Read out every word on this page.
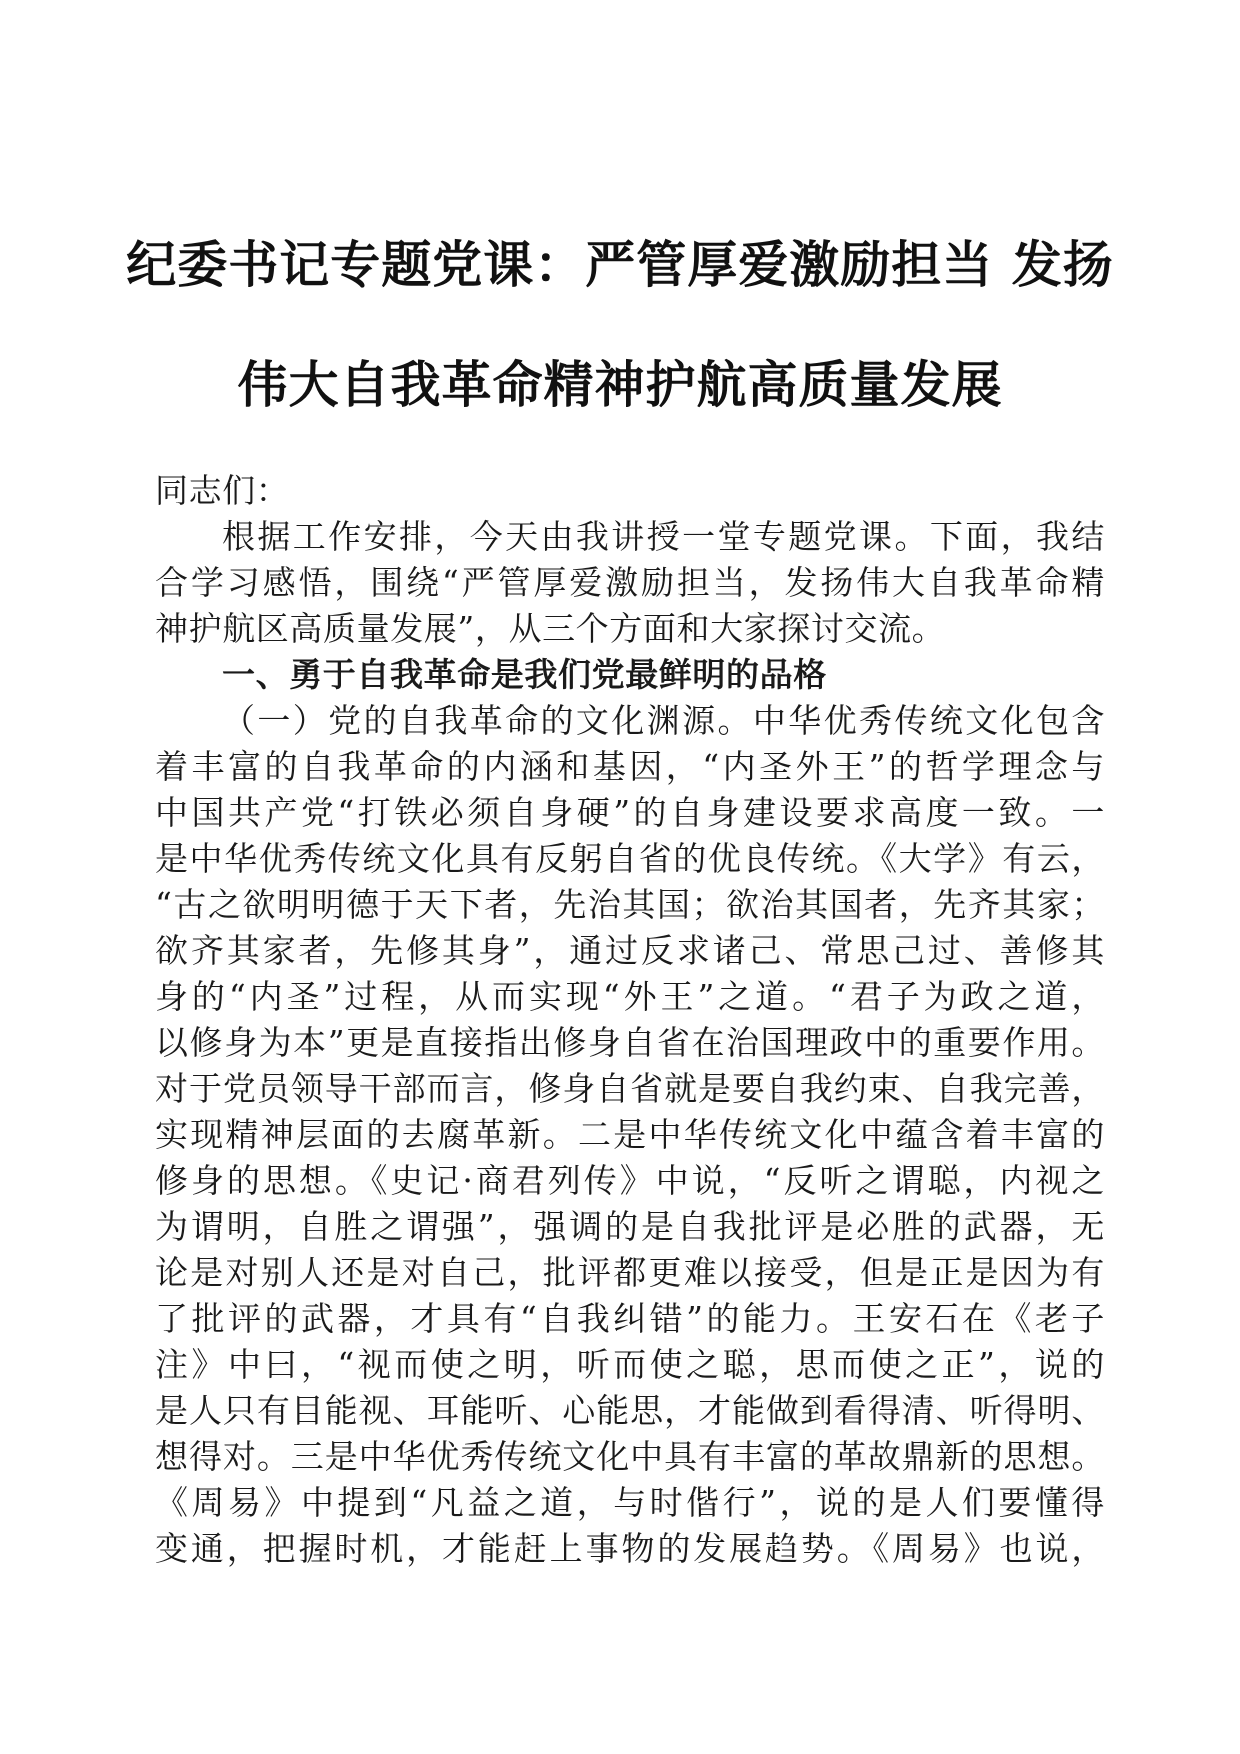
纪委书记专题党课：严管厚爱激励担当 发扬
伟大自我革命精神护航高质量发展
同志们：
根据工作安排，今天由我讲授一堂专题党课。下面，我结
合学习感悟，围绕“严管厚爱激励担当，发扬伟大自我革命精
神护航区高质量发展”，从三个方面和大家探讨交流。
一、勇于自我革命是我们党最鲜明的品格
（一）党的自我革命的文化渊源。中华优秀传统文化包含
着丰富的自我革命的内涵和基因，“内圣外王”的哲学理念与
中国共产党“打铁必须自身硬”的自身建设要求高度一致。一
是中华优秀传统文化具有反躬自省的优良传统。《大学》有云，
“古之欲明明德于天下者，先治其国；欲治其国者，先齐其家；
欲齐其家者，先修其身”，通过反求诸己、常思己过、善修其
身的“内圣”过程，从而实现“外王”之道。“君子为政之道，
以修身为本”更是直接指出修身自省在治国理政中的重要作用。
对于党员领导干部而言，修身自省就是要自我约束、自我完善，
实现精神层面的去腐革新。二是中华传统文化中蕴含着丰富的
修身的思想。《史记·商君列传》中说，“反听之谓聪，内视之
为谓明，自胜之谓强”，强调的是自我批评是必胜的武器，无
论是对别人还是对自己，批评都更难以接受，但是正是因为有
了批评的武器，才具有“自我纠错”的能力。王安石在《老子
注》中曰，“视而使之明，听而使之聪，思而使之正”，说的
是人只有目能视、耳能听、心能思，才能做到看得清、听得明、
想得对。三是中华优秀传统文化中具有丰富的革故鼎新的思想。
《周易》中提到“凡益之道，与时偕行”，说的是人们要懂得
变通，把握时机，才能赶上事物的发展趋势。《周易》也说，
